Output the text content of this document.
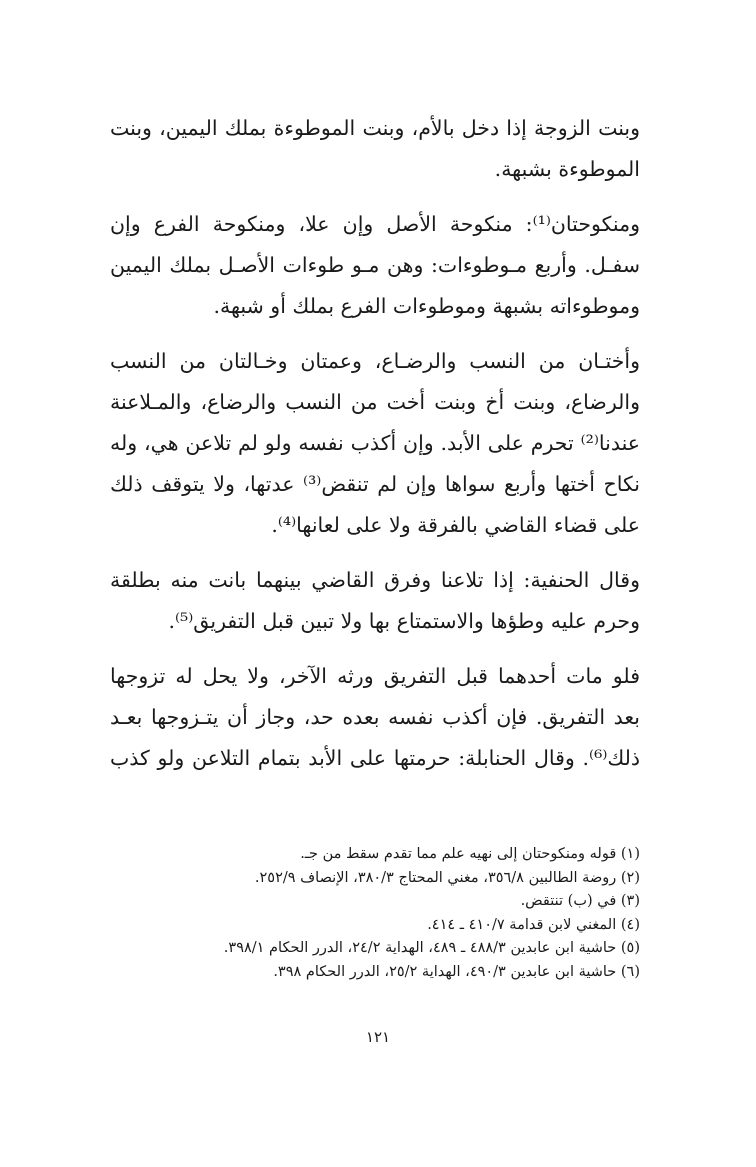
وبنت الزوجة إذا دخل بالأم، وبنت الموطوءة بملك اليمين، وبنت
الموطوءة بشبهة.
ومنكوحتان⁽¹⁾: منكوحة الأصل وإن علا، ومنكوحة الفرع وإن
سفـل. وأربع مـوطوءات: وهن مـو طوءات الأصـل بملك اليمين
وموطوءاته بشبهة وموطوءات الفرع بملك أو شبهة.
وأختـان من النسب والرضـاع، وعمتان وخـالتان من النسب
والرضاع، وبنت أخ وبنت أخت من النسب والرضاع، والمـلاعنة
عندنا⁽²⁾ تحرم على الأبد. وإن أكذب نفسه ولو لم تلاعن هي، وله
نكاح أختها وأربع سواها وإن لم تنقض⁽³⁾ عدتها، ولا يتوقف ذلك
على قضاء القاضي بالفرقة ولا على لعانها⁽⁴⁾.
وقال الحنفية: إذا تلاعنا وفرق القاضي بينهما بانت منه بطلقة
وحرم عليه وطؤها والاستمتاع بها ولا تبين قبل التفريق⁽⁵⁾.
فلو مات أحدهما قبل التفريق ورثه الآخر، ولا يحل له تزوجها
بعد التفريق. فإن أكذب نفسه بعده حد، وجاز أن يتـزوجها بعـد
ذلك⁽⁶⁾. وقال الحنابلة: حرمتها على الأبد بتمام التلاعن ولو كذب
(١) قوله ومنكوحتان إلى نهيه علم مما تقدم سقط من جـ.
(٢) روضة الطالبين ٣٥٦/٨، مغني المحتاج ٣٨٠/٣، الإنصاف ٢٥٢/٩.
(٣) في (ب) تنتقض.
(٤) المغني لابن قدامة ٤١٠/٧ ـ ٤١٤.
(٥) حاشية ابن عابدين ٤٨٨/٣ ـ ٤٨٩، الهداية ٢٤/٢، الدرر الحكام ٣٩٨/١.
(٦) حاشية ابن عابدين ٤٩٠/٣، الهداية ٢٥/٢، الدرر الحكام ٣٩٨.
١٢١
